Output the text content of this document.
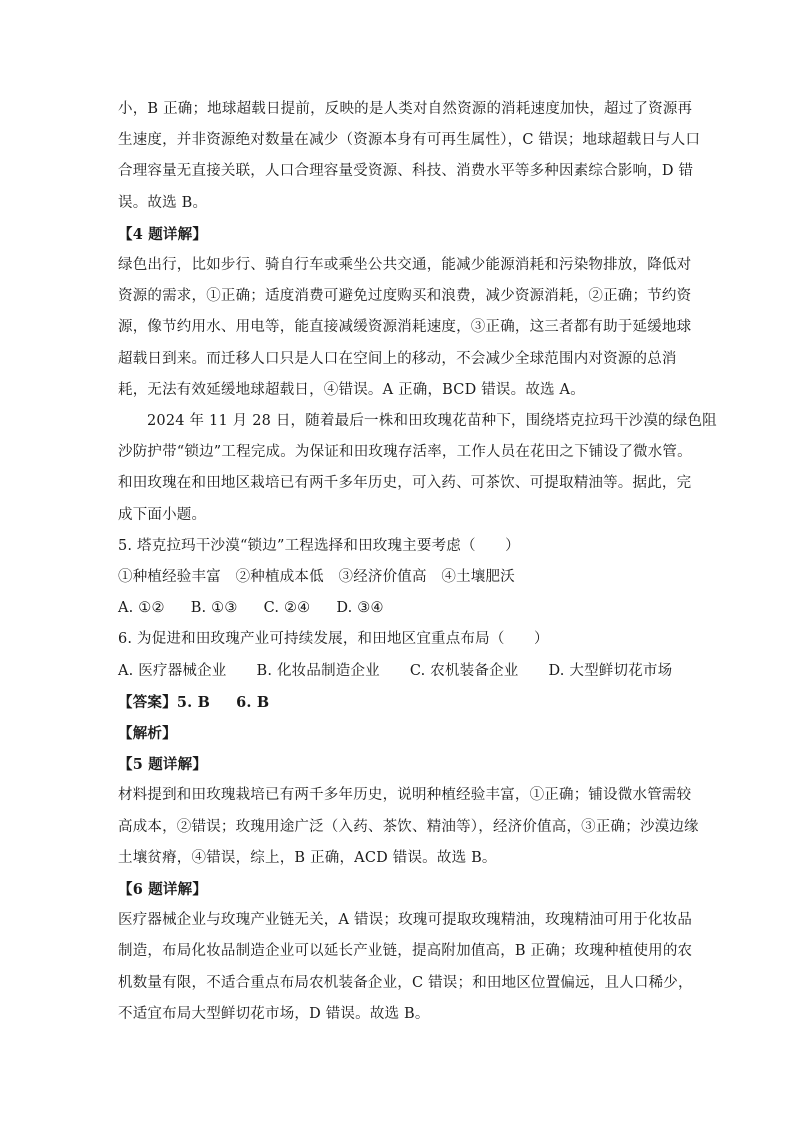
小，B 正确；地球超载日提前，反映的是人类对自然资源的消耗速度加快，超过了资源再
生速度，并非资源绝对数量在减少（资源本身有可再生属性），C 错误；地球超载日与人口
合理容量无直接关联，人口合理容量受资源、科技、消费水平等多种因素综合影响，D 错
误。故选 B。
【4 题详解】
绿色出行，比如步行、骑自行车或乘坐公共交通，能减少能源消耗和污染物排放，降低对
资源的需求，①正确；适度消费可避免过度购买和浪费，减少资源消耗，②正确；节约资
源，像节约用水、用电等，能直接减缓资源消耗速度，③正确，这三者都有助于延缓地球
超载日到来。而迁移人口只是人口在空间上的移动，不会减少全球范围内对资源的总消
耗，无法有效延缓地球超载日，④错误。A 正确，BCD 错误。故选 A。
2024 年 11 月 28 日，随着最后一株和田玫瑰花苗种下，围绕塔克拉玛干沙漠的绿色阻
沙防护带“锁边”工程完成。为保证和田玫瑰存活率，工作人员在花田之下铺设了微水管。
和田玫瑰在和田地区栽培已有两千多年历史，可入药、可茶饮、可提取精油等。据此，完
成下面小题。
5. 塔克拉玛干沙漠“锁边”工程选择和田玫瑰主要考虑（　　）
①种植经验丰富　②种植成本低　③经济价值高　④土壤肥沃
A. ①② B. ①③ C. ②④ D. ③④
6. 为促进和田玫瑰产业可持续发展，和田地区宜重点布局（　　）
A. 医疗器械企业 B. 化妆品制造企业 C. 农机装备企业 D. 大型鲜切花市场
【答案】5. B 6. B
【解析】
【5 题详解】
材料提到和田玫瑰栽培已有两千多年历史，说明种植经验丰富，①正确；铺设微水管需较
高成本，②错误；玫瑰用途广泛（入药、茶饮、精油等），经济价值高，③正确；沙漠边缘
土壤贫瘠，④错误，综上，B 正确，ACD 错误。故选 B。
【6 题详解】
医疗器械企业与玫瑰产业链无关，A 错误；玫瑰可提取玫瑰精油，玫瑰精油可用于化妆品
制造，布局化妆品制造企业可以延长产业链，提高附加值高，B 正确；玫瑰种植使用的农
机数量有限，不适合重点布局农机装备企业，C 错误；和田地区位置偏远，且人口稀少，
不适宜布局大型鲜切花市场，D 错误。故选 B。
